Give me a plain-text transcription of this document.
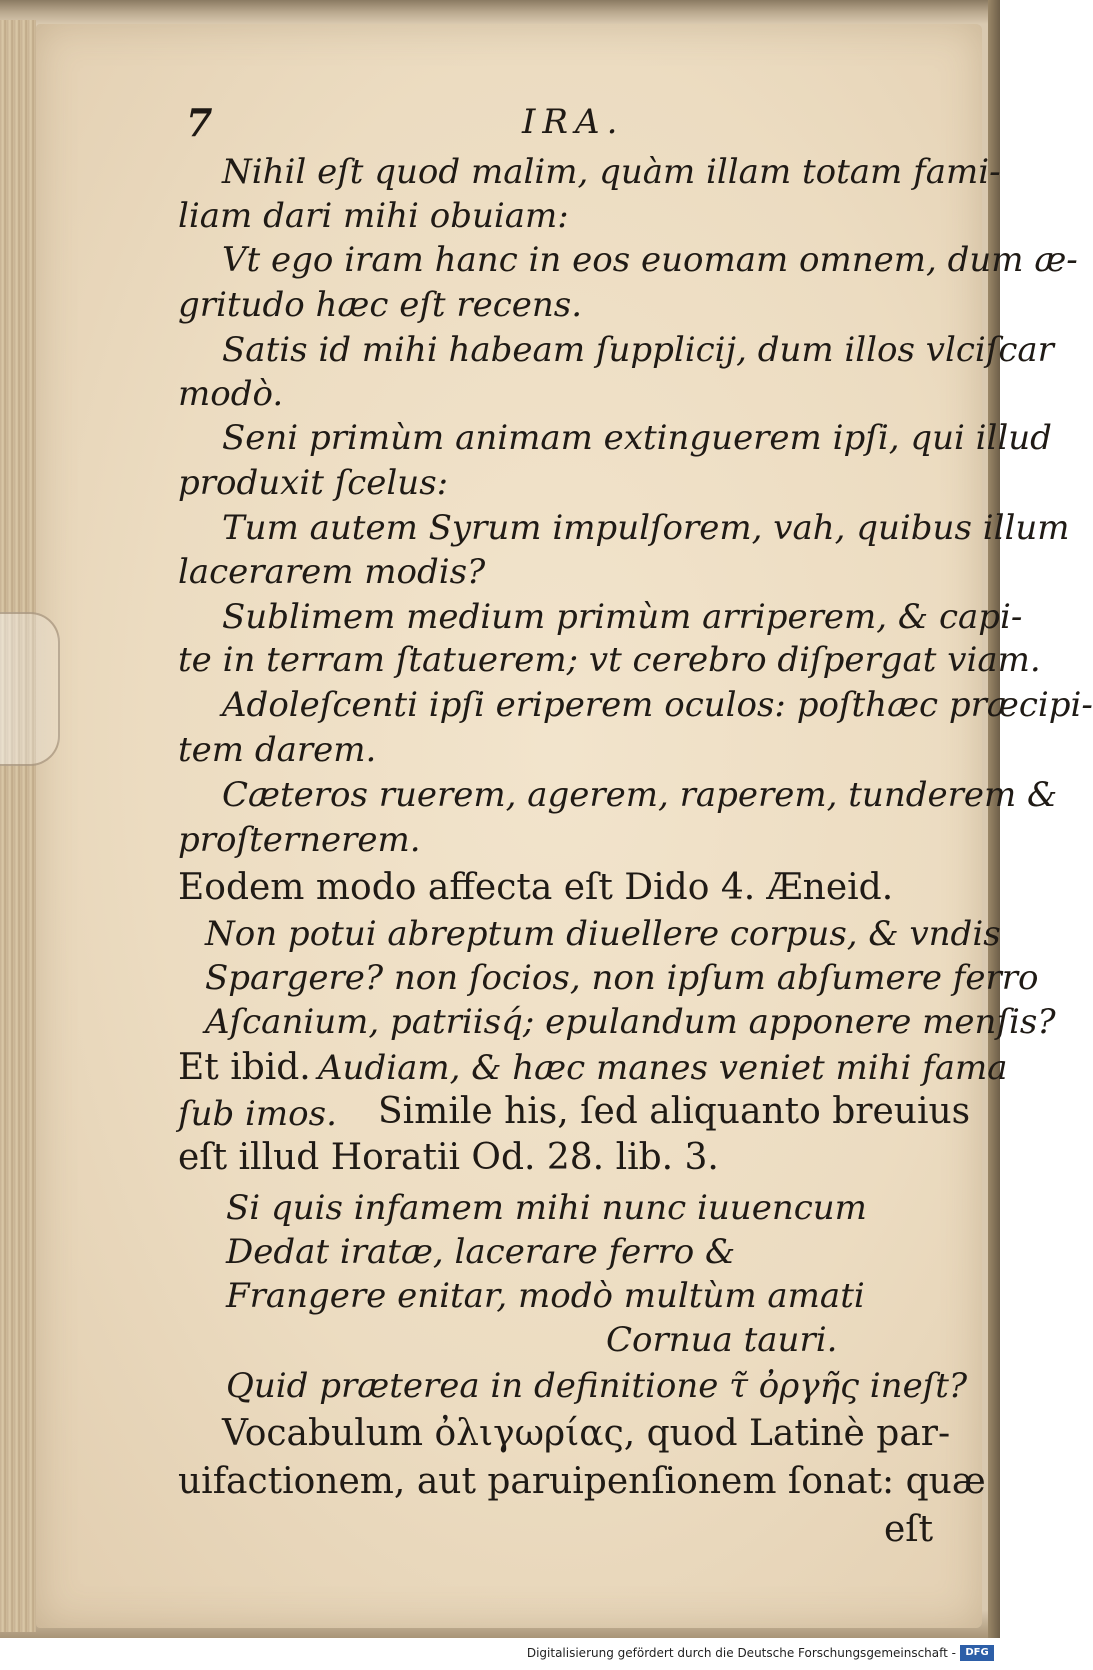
7	IRA.
Nihil eſt quod malim, quàm illam totam fami-
liam dari mihi obuiam:
Vt ego iram hanc in eos euomam omnem, dum æ-
gritudo hæc eſt recens.
Satis id mihi habeam ſupplicij, dum illos vlciſcar
modò.
Seni primùm animam extinguerem ipſi, qui illud
produxit ſcelus:
Tum autem Syrum impulſorem, vah, quibus illum
lacerarem modis?
Sublimem medium primùm arriperem, & capi-
te in terram ſtatuerem; vt cerebro diſpergat viam.
Adoleſcenti ipſi eriperem oculos: poſthæc præcipi-
tem darem.
Cæteros ruerem, agerem, raperem, tunderem &
proſternerem.
Eodem modo affecta eſt Dido 4. Æneid.
Non potui abreptum diuellere corpus, & vndis
Spargere? non ſocios, non ipſum abſumere ferro
Aſcanium, patriisq́; epulandum apponere menſis?
Et ibid. Audiam, & hæc manes veniet mihi fama
ſub imos. Simile his, ſed aliquanto breuius
eſt illud Horatii Od. 28. lib. 3.
Si quis infamem mihi nunc iuuencum
Dedat iratæ, lacerare ferro &
Frangere enitar, modò multùm amati
Cornua tauri.
Quid præterea in definitione τ̃ ὀργῆς ineſt?
Vocabulum ὀλιγωρίας, quod Latinè par-
uifactionem, aut paruipenſionem ſonat: quæ
eſt
Digitalisierung gefördert durch die Deutsche Forschungsgemeinschaft - DFG
